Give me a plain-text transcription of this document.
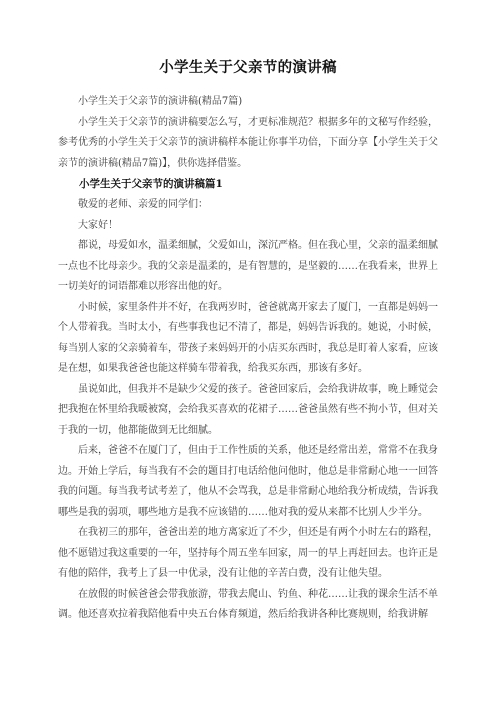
小学生关于父亲节的演讲稿

小学生关于父亲节的演讲稿(精品7篇)

小学生关于父亲节的演讲稿要怎么写，才更标准规范？根据多年的文秘写作经验，参考优秀的小学生关于父亲节的演讲稿样本能让你事半功倍，下面分享【小学生关于父亲节的演讲稿(精品7篇)】，供你选择借鉴。

小学生关于父亲节的演讲稿篇1

敬爱的老师、亲爱的同学们：

大家好！

都说，母爱如水，温柔细腻，父爱如山，深沉严格。但在我心里，父亲的温柔细腻一点也不比母亲少。我的父亲是温柔的，是有智慧的，是坚毅的……在我看来，世界上一切美好的词语都难以形容出他的好。

小时候，家里条件并不好，在我两岁时，爸爸就离开家去了厦门，一直都是妈妈一个人带着我。当时太小，有些事我也记不清了，都是，妈妈告诉我的。她说，小时候，每当别人家的父亲骑着车，带孩子来妈妈开的小店买东西时，我总是盯着人家看，应该是在想，如果我爸爸也能这样骑车带着我，给我买东西，那该有多好。

虽说如此，但我并不是缺少父爱的孩子。爸爸回家后，会给我讲故事，晚上睡觉会把我抱在怀里给我暖被窝，会给我买喜欢的花裙子……爸爸虽然有些不拘小节，但对关于我的一切，他都能做到无比细腻。

后来，爸爸不在厦门了，但由于工作性质的关系，他还是经常出差，常常不在我身边。开始上学后，每当我有不会的题目打电话给他问他时，他总是非常耐心地一一回答我的问题。每当我考试考差了，他从不会骂我，总是非常耐心地给我分析成绩，告诉我哪些是我的弱项，哪些地方是我不应该错的……他对我的爱从来都不比别人少半分。

在我初三的那年，爸爸出差的地方离家近了不少，但还是有两个小时左右的路程，他不愿错过我这重要的一年，坚持每个周五坐车回家，周一的早上再赶回去。也许正是有他的陪伴，我考上了县一中优录，没有让他的辛苦白费，没有让他失望。

在放假的时候爸爸会带我旅游，带我去爬山、钓鱼、种花……让我的课余生活不单调。他还喜欢拉着我陪他看中央五台体育频道，然后给我讲各种比赛规则，给我讲解
